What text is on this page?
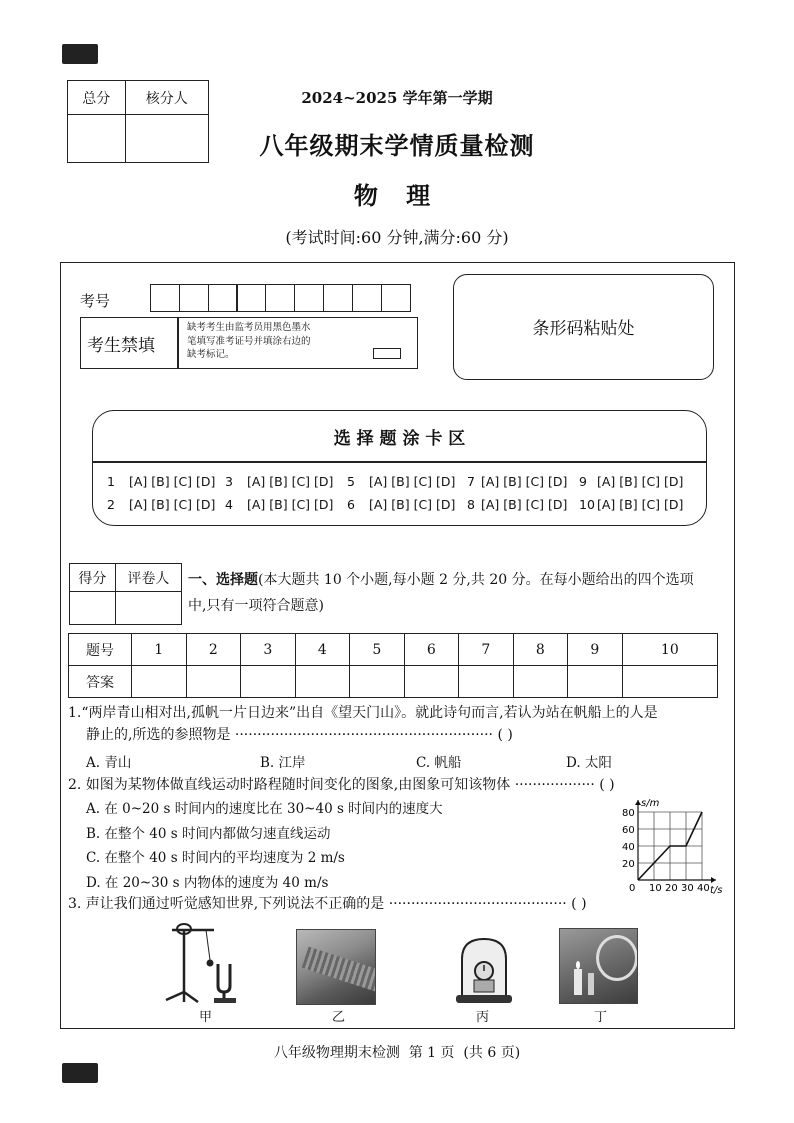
总分	核分人
		2024~2025 学年第一学期
八年级期末学情质量检测
物 理
(考试时间:60 分钟,满分:60 分)
考号
考生禁填
缺考考生由监考员用黑色墨水
笔填写准考证号并填涂右边的
缺考标记。
条形码粘贴处
选 择 题 涂 卡 区
1 [A] [B] [C] [D] 3 [A] [B] [C] [D]	5 [A] [B] [C] [D] 7 [A] [B] [C] [D] 9 [A] [B] [C] [D]
2 [A] [B] [C] [D] 4 [A] [B] [C] [D]	6 [A] [B] [C] [D] 8 [A] [B] [C] [D] 10 [A] [B] [C] [D]
得分	评卷人
	一、选择题(本大题共 10 个小题,每小题 2 分,共 20 分。在每小题给出的四个选项
中,只有一项符合题意)
题号	1	2	3	4	5	6	7	8	9	10
答案										
1.“两岸青山相对出,孤帆一片日边来”出自《望天门山》。就此诗句而言,若认为站在帆船上的人是
静止的,所选的参照物是 ·························································· ( )
A. 青山	B. 江岸	C. 帆船	D. 太阳
2. 如图为某物体做直线运动时路程随时间变化的图象,由图象可知该物体 ·················· ( )
A. 在 0~20 s 时间内的速度比在 30~40 s 时间内的速度大
B. 在整个 40 s 时间内都做匀速直线运动
C. 在整个 40 s 时间内的平均速度为 2 m/s
D. 在 20~30 s 内物体的速度为 40 m/s	0 10 20 30 40
20
40
60
80
t/s
s/m
3. 声让我们通过听觉感知世界,下列说法不正确的是 ········································ ( )
甲	乙	丙	丁
八年级物理期末检测  第 1 页  (共 6 页)
